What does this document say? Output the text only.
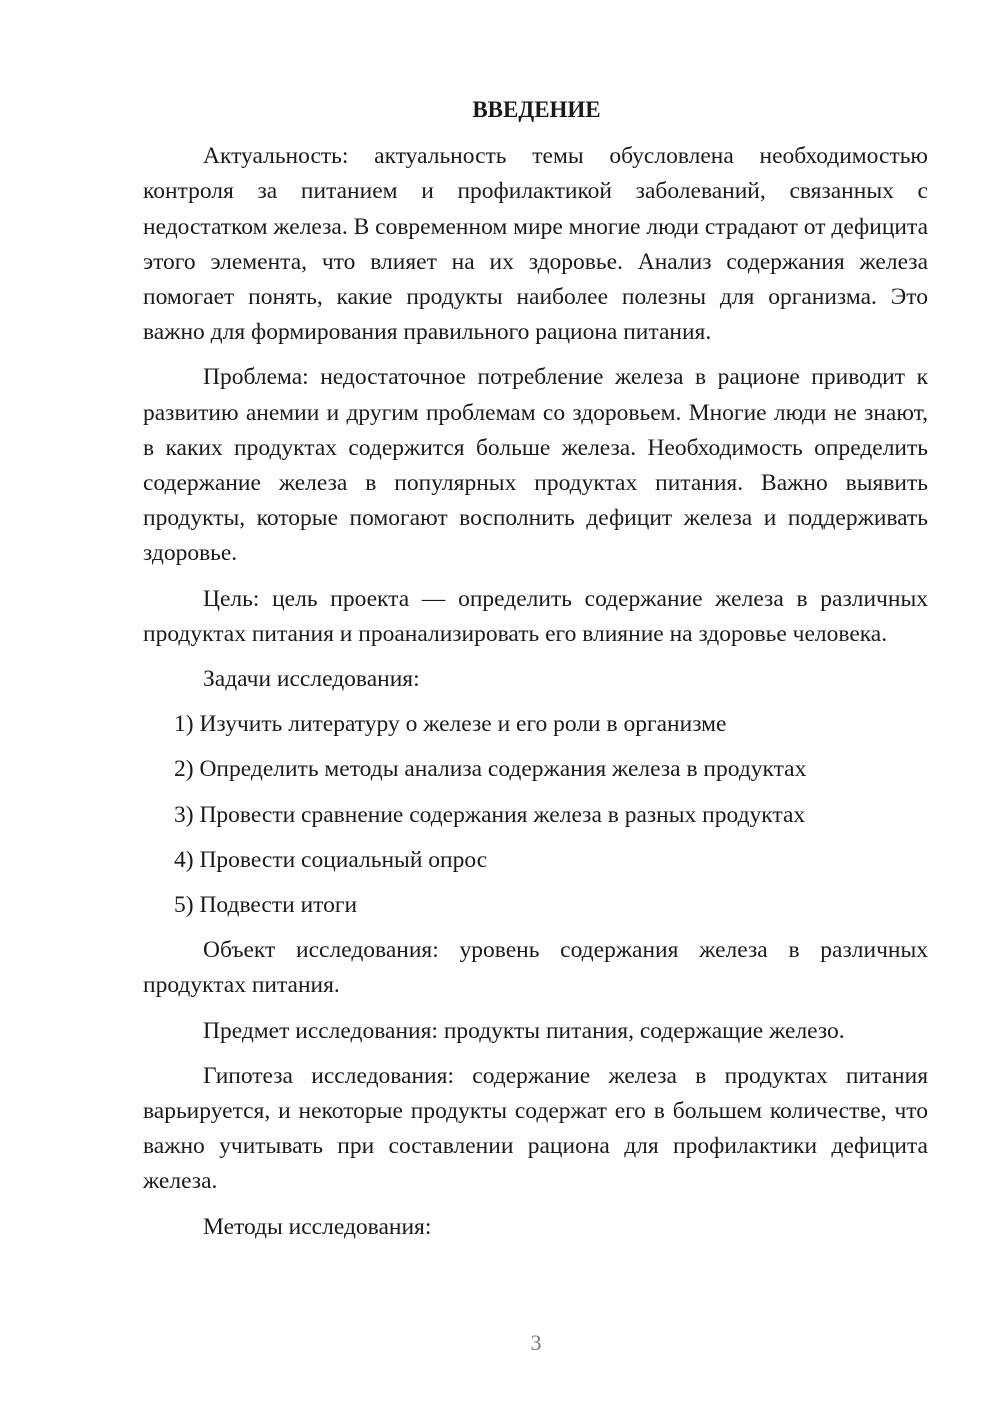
ВВЕДЕНИЕ

Актуальность: актуальность темы обусловлена необходимостью контроля за питанием и профилактикой заболеваний, связанных с недостатком железа. В современном мире многие люди страдают от дефицита этого элемента, что влияет на их здоровье. Анализ содержания железа помогает понять, какие продукты наиболее полезны для организма. Это важно для формирования правильного рациона питания.

Проблема: недостаточное потребление железа в рационе приводит к развитию анемии и другим проблемам со здоровьем. Многие люди не знают, в каких продуктах содержится больше железа. Необходимость определить содержание железа в популярных продуктах питания. Важно выявить продукты, которые помогают восполнить дефицит железа и поддерживать здоровье.

Цель: цель проекта — определить содержание железа в различных продуктах питания и проанализировать его влияние на здоровье человека.

Задачи исследования:

1) Изучить литературу о железе и его роли в организме
2) Определить методы анализа содержания железа в продуктах
3) Провести сравнение содержания железа в разных продуктах
4) Провести социальный опрос
5) Подвести итоги

Объект исследования: уровень содержания железа в различных продуктах питания.

Предмет исследования: продукты питания, содержащие железо.

Гипотеза исследования: содержание железа в продуктах питания варьируется, и некоторые продукты содержат его в большем количестве, что важно учитывать при составлении рациона для профилактики дефицита железа.

Методы исследования:

3
